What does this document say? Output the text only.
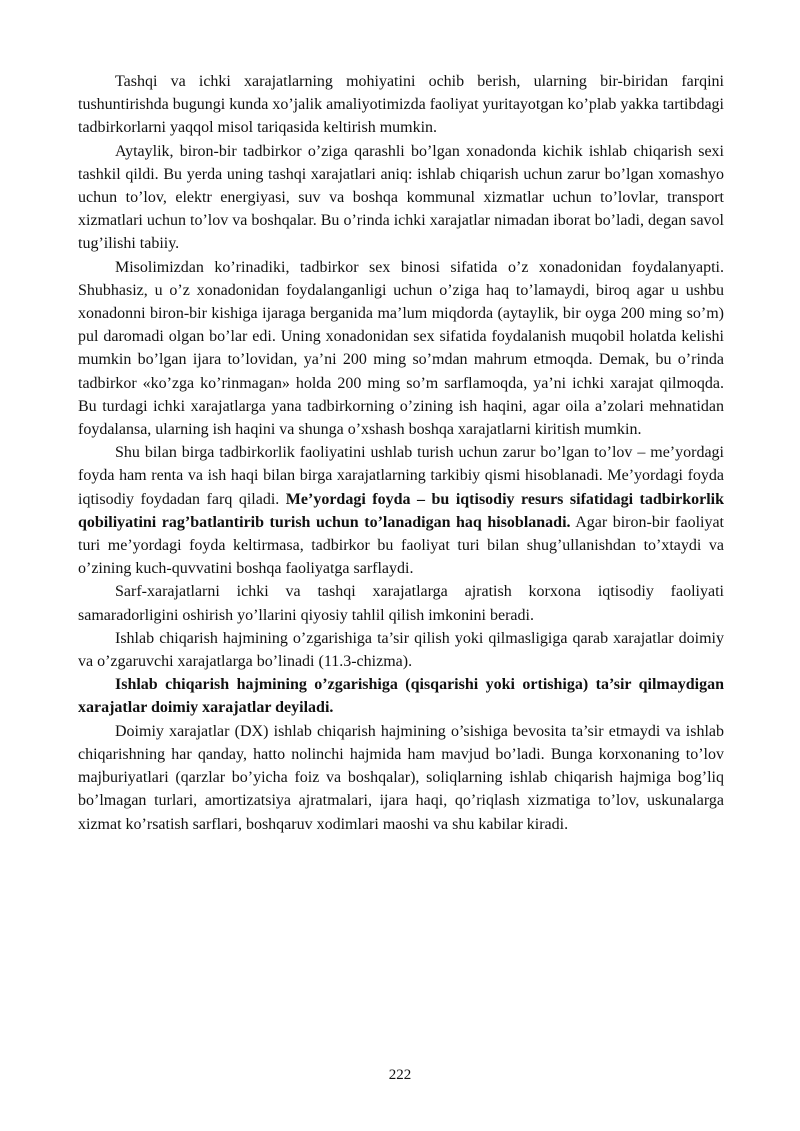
Tashqi va ichki xarajatlarning mohiyatini ochib berish, ularning bir-biridan farqini tushuntirishda bugungi kunda xo’jalik amaliyotimizda faoliyat yuritayotgan ko’plab yakka tartibdagi tadbirkorlarni yaqqol misol tariqasida keltirish mumkin.

Aytaylik, biron-bir tadbirkor o’ziga qarashli bo’lgan xonadonda kichik ishlab chiqarish sexi tashkil qildi. Bu yerda uning tashqi xarajatlari aniq: ishlab chiqarish uchun zarur bo’lgan xomashyo uchun to’lov, elektr energiyasi, suv va boshqa kommunal xizmatlar uchun to’lovlar, transport xizmatlari uchun to’lov va boshqalar. Bu o’rinda ichki xarajatlar nimadan iborat bo’ladi, degan savol tug’ilishi tabiiy.

Misolimizdan ko’rinadiki, tadbirkor sex binosi sifatida o’z xonadonidan foydalanyapti. Shubhasiz, u o’z xonadonidan foydalanganligi uchun o’ziga haq to’lamaydi, biroq agar u ushbu xonadonni biron-bir kishiga ijaraga berganida ma’lum miqdorda (aytaylik, bir oyga 200 ming so’m) pul daromadi olgan bo’lar edi. Uning xonadonidan sex sifatida foydalanish muqobil holatda kelishi mumkin bo’lgan ijara to’lovidan, ya’ni 200 ming so’mdan mahrum etmoqda. Demak, bu o’rinda tadbirkor «ko’zga ko’rinmagan» holda 200 ming so’m sarflamoqda, ya’ni ichki xarajat qilmoqda. Bu turdagi ichki xarajatlarga yana tadbirkorning o’zining ish haqini, agar oila a’zolari mehnatidan foydalansa, ularning ish haqini va shunga o’xshash boshqa xarajatlarni kiritish mumkin.

Shu bilan birga tadbirkorlik faoliyatini ushlab turish uchun zarur bo’lgan to’lov – me’yordagi foyda ham renta va ish haqi bilan birga xarajatlarning tarkibiy qismi hisoblanadi. Me’yordagi foyda iqtisodiy foydadan farq qiladi. Me’yordagi foyda – bu iqtisodiy resurs sifatidagi tadbirkorlik qobiliyatini rag’batlantirib turish uchun to’lanadigan haq hisoblanadi. Agar biron-bir faoliyat turi me’yordagi foyda keltirmasa, tadbirkor bu faoliyat turi bilan shug’ullanishdan to’xtaydi va o’zining kuch-quvvatini boshqa faoliyatga sarflaydi.

Sarf-xarajatlarni ichki va tashqi xarajatlarga ajratish korxona iqtisodiy faoliyati samaradorligini oshirish yo’llarini qiyosiy tahlil qilish imkonini beradi.

Ishlab chiqarish hajmining o’zgarishiga ta’sir qilish yoki qilmasligiga qarab xarajatlar doimiy va o’zgaruvchi xarajatlarga bo’linadi (11.3-chizma).

Ishlab chiqarish hajmining o’zgarishiga (qisqarishi yoki ortishiga) ta’sir qilmaydigan xarajatlar doimiy xarajatlar deyiladi.

Doimiy xarajatlar (DX) ishlab chiqarish hajmining o’sishiga bevosita ta’sir etmaydi va ishlab chiqarishning har qanday, hatto nolinchi hajmida ham mavjud bo’ladi. Bunga korxonaning to’lov majburiyatlari (qarzlar bo’yicha foiz va boshqalar), soliqlarning ishlab chiqarish hajmiga bog’liq bo’lmagan turlari, amortizatsiya ajratmalari, ijara haqi, qo’riqlash xizmatiga to’lov, uskunalarga xizmat ko’rsatish sarflari, boshqaruv xodimlari maoshi va shu kabilar kiradi.

222
